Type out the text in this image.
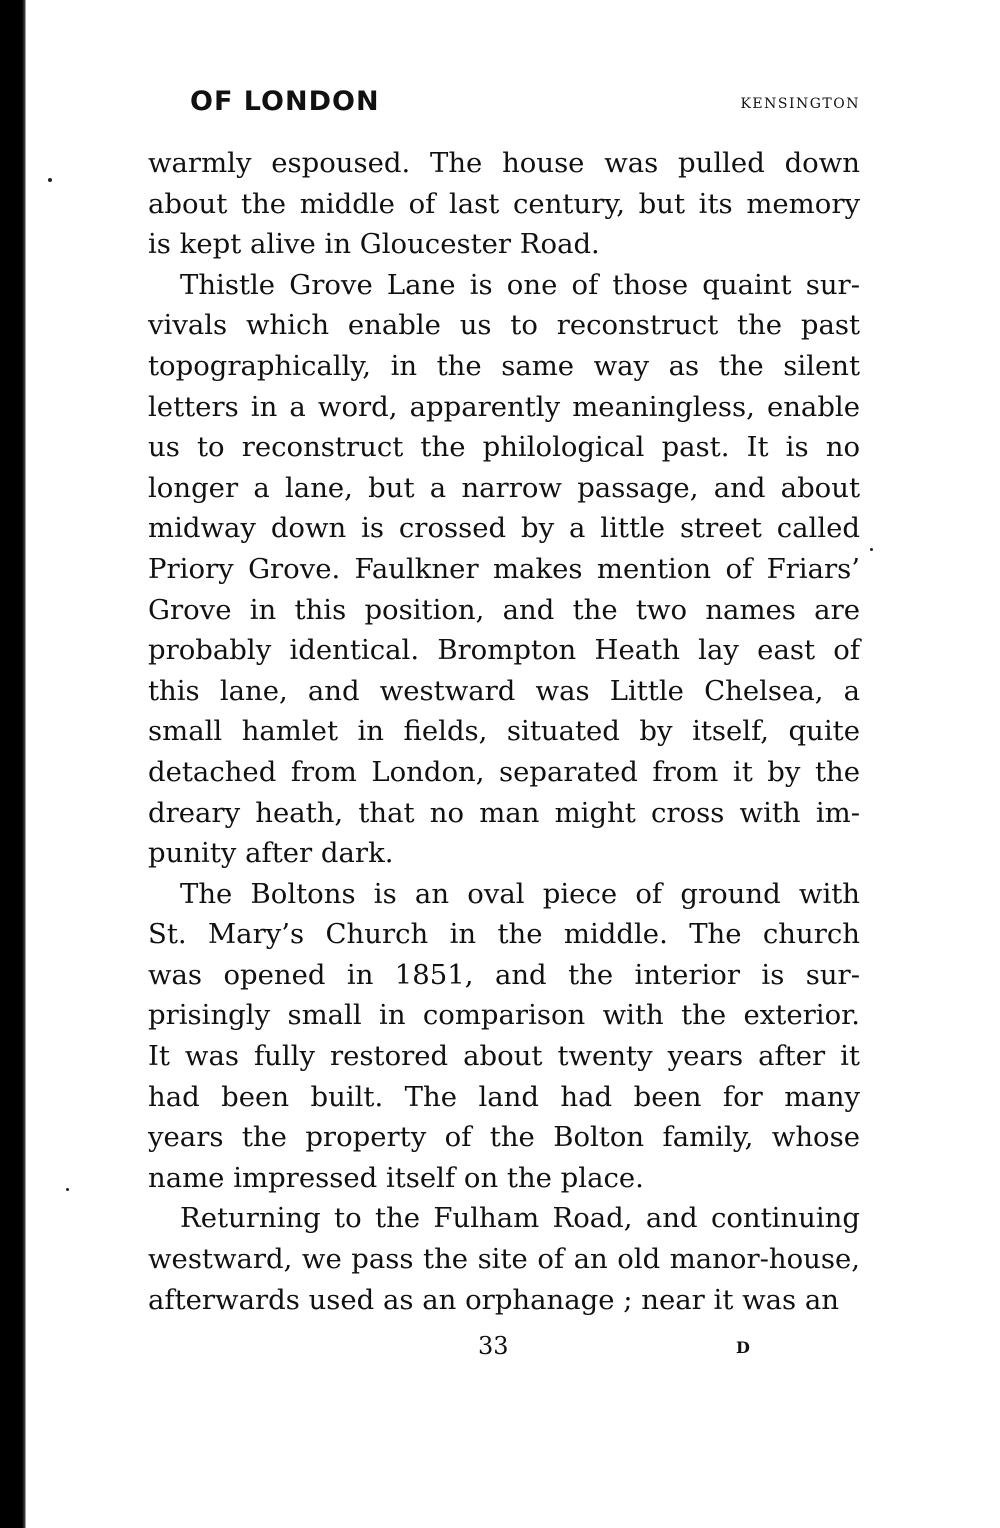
OF LONDON	KENSINGTON
warmly espoused. The house was pulled down
about the middle of last century, but its memory
is kept alive in Gloucester Road.
Thistle Grove Lane is one of those quaint sur-
vivals which enable us to reconstruct the past
topographically, in the same way as the silent
letters in a word, apparently meaningless, enable
us to reconstruct the philological past. It is no
longer a lane, but a narrow passage, and about
midway down is crossed by a little street called
Priory Grove. Faulkner makes mention of Friars’
Grove in this position, and the two names are
probably identical. Brompton Heath lay east of
this lane, and westward was Little Chelsea, a
small hamlet in fields, situated by itself, quite
detached from London, separated from it by the
dreary heath, that no man might cross with im-
punity after dark.
The Boltons is an oval piece of ground with
St. Mary’s Church in the middle. The church
was opened in 1851, and the interior is sur-
prisingly small in comparison with the exterior.
It was fully restored about twenty years after it
had been built. The land had been for many
years the property of the Bolton family, whose
name impressed itself on the place.
Returning to the Fulham Road, and continuing
westward, we pass the site of an old manor-house,
afterwards used as an orphanage ; near it was an
33	D
